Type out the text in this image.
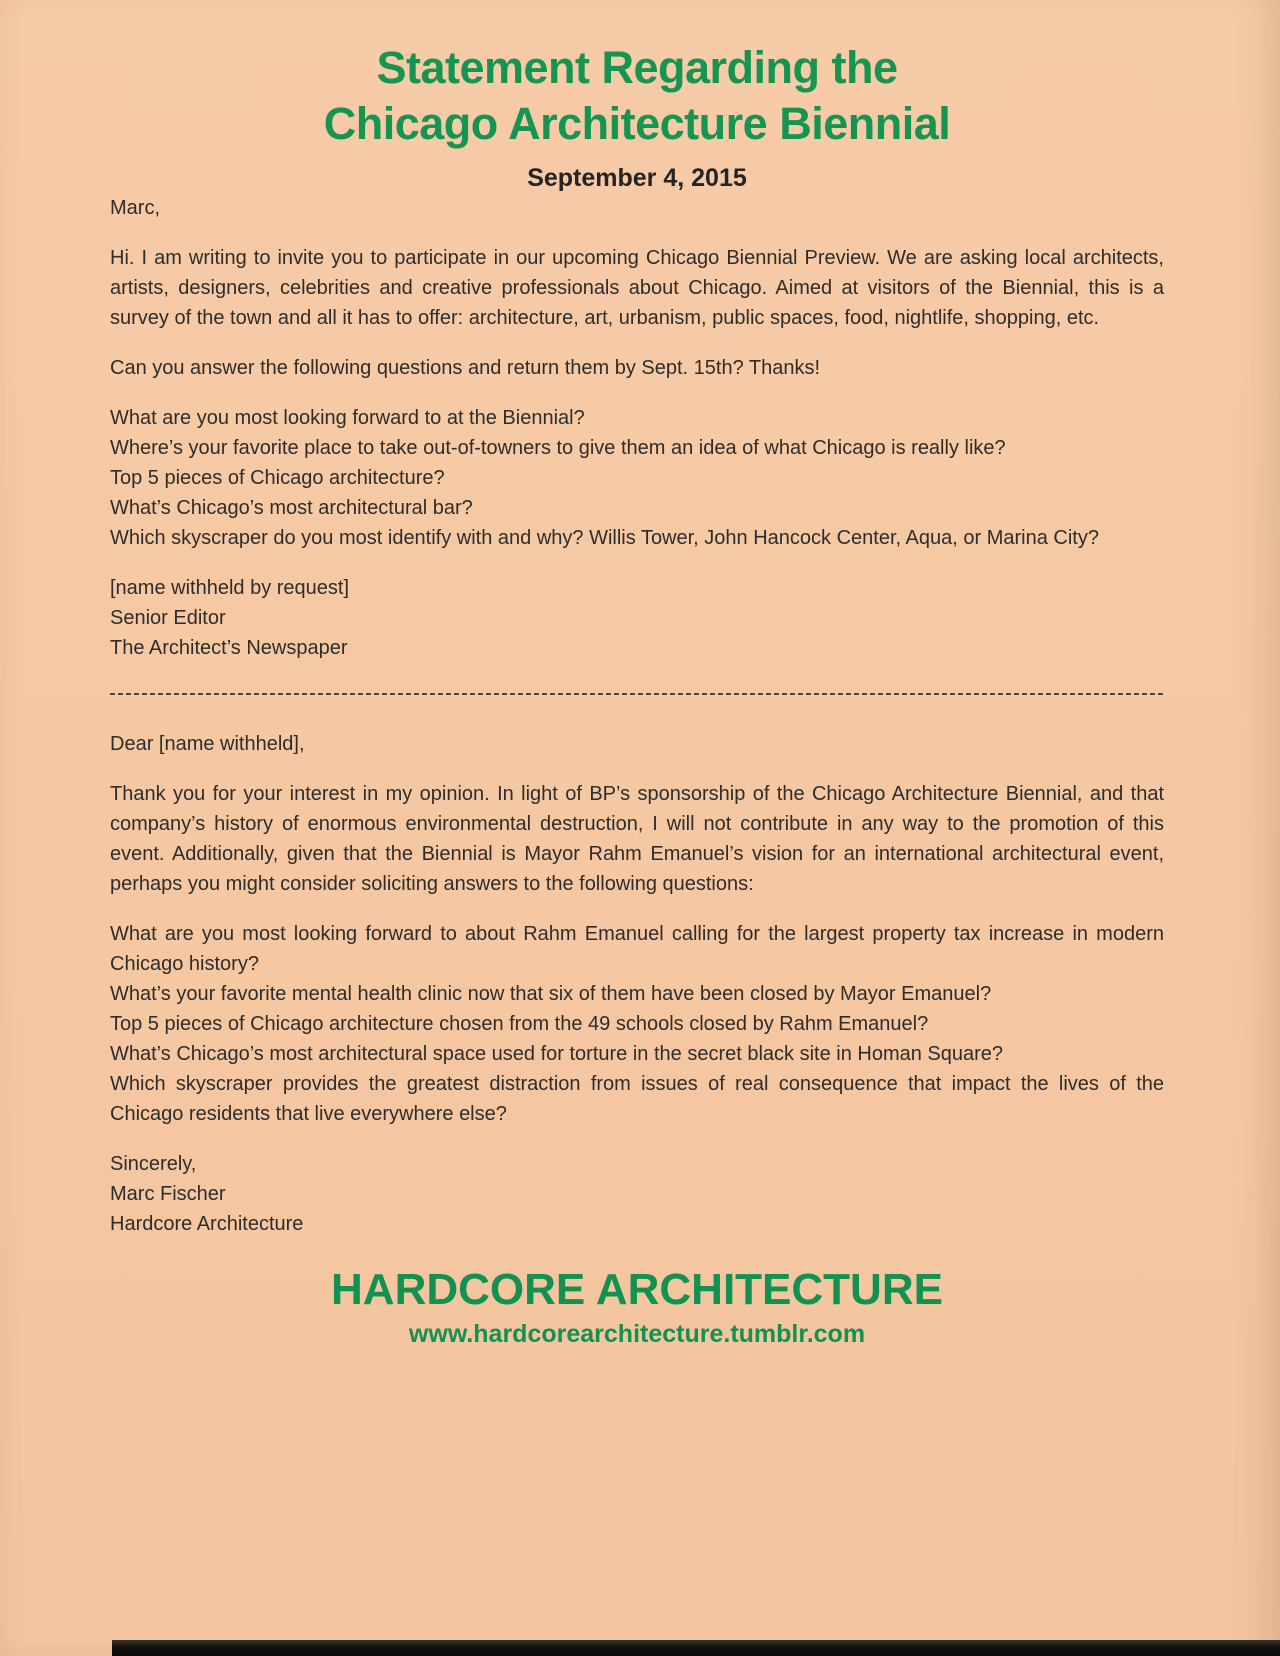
Statement Regarding the
Chicago Architecture Biennial
September 4, 2015

Marc,

Hi. I am writing to invite you to participate in our upcoming Chicago Biennial Preview. We are asking local architects, artists, designers, celebrities and creative professionals about Chicago. Aimed at visitors of the Biennial, this is a survey of the town and all it has to offer: architecture, art, urbanism, public spaces, food, nightlife, shopping, etc.

Can you answer the following questions and return them by Sept. 15th? Thanks!

What are you most looking forward to at the Biennial?

Where’s your favorite place to take out-of-towners to give them an idea of what Chicago is really like?

Top 5 pieces of Chicago architecture?

What’s Chicago’s most architectural bar?

Which skyscraper do you most identify with and why? Willis Tower, John Hancock Center, Aqua, or Marina City?

[name withheld by request]

Senior Editor

The Architect’s Newspaper

Dear [name withheld],

Thank you for your interest in my opinion. In light of BP’s sponsorship of the Chicago Architecture Biennial, and that company’s history of enormous environmental destruction, I will not contribute in any way to the promotion of this event. Additionally, given that the Biennial is Mayor Rahm Emanuel’s vision for an international architectural event, perhaps you might consider soliciting answers to the following questions:

What are you most looking forward to about Rahm Emanuel calling for the largest property tax increase in modern Chicago history?

What’s your favorite mental health clinic now that six of them have been closed by Mayor Emanuel?

Top 5 pieces of Chicago architecture chosen from the 49 schools closed by Rahm Emanuel?

What’s Chicago’s most architectural space used for torture in the secret black site in Homan Square?

Which skyscraper provides the greatest distraction from issues of real consequence that impact the lives of the Chicago residents that live everywhere else?

Sincerely,

Marc Fischer

Hardcore Architecture

HARDCORE ARCHITECTURE
www.hardcorearchitecture.tumblr.com
